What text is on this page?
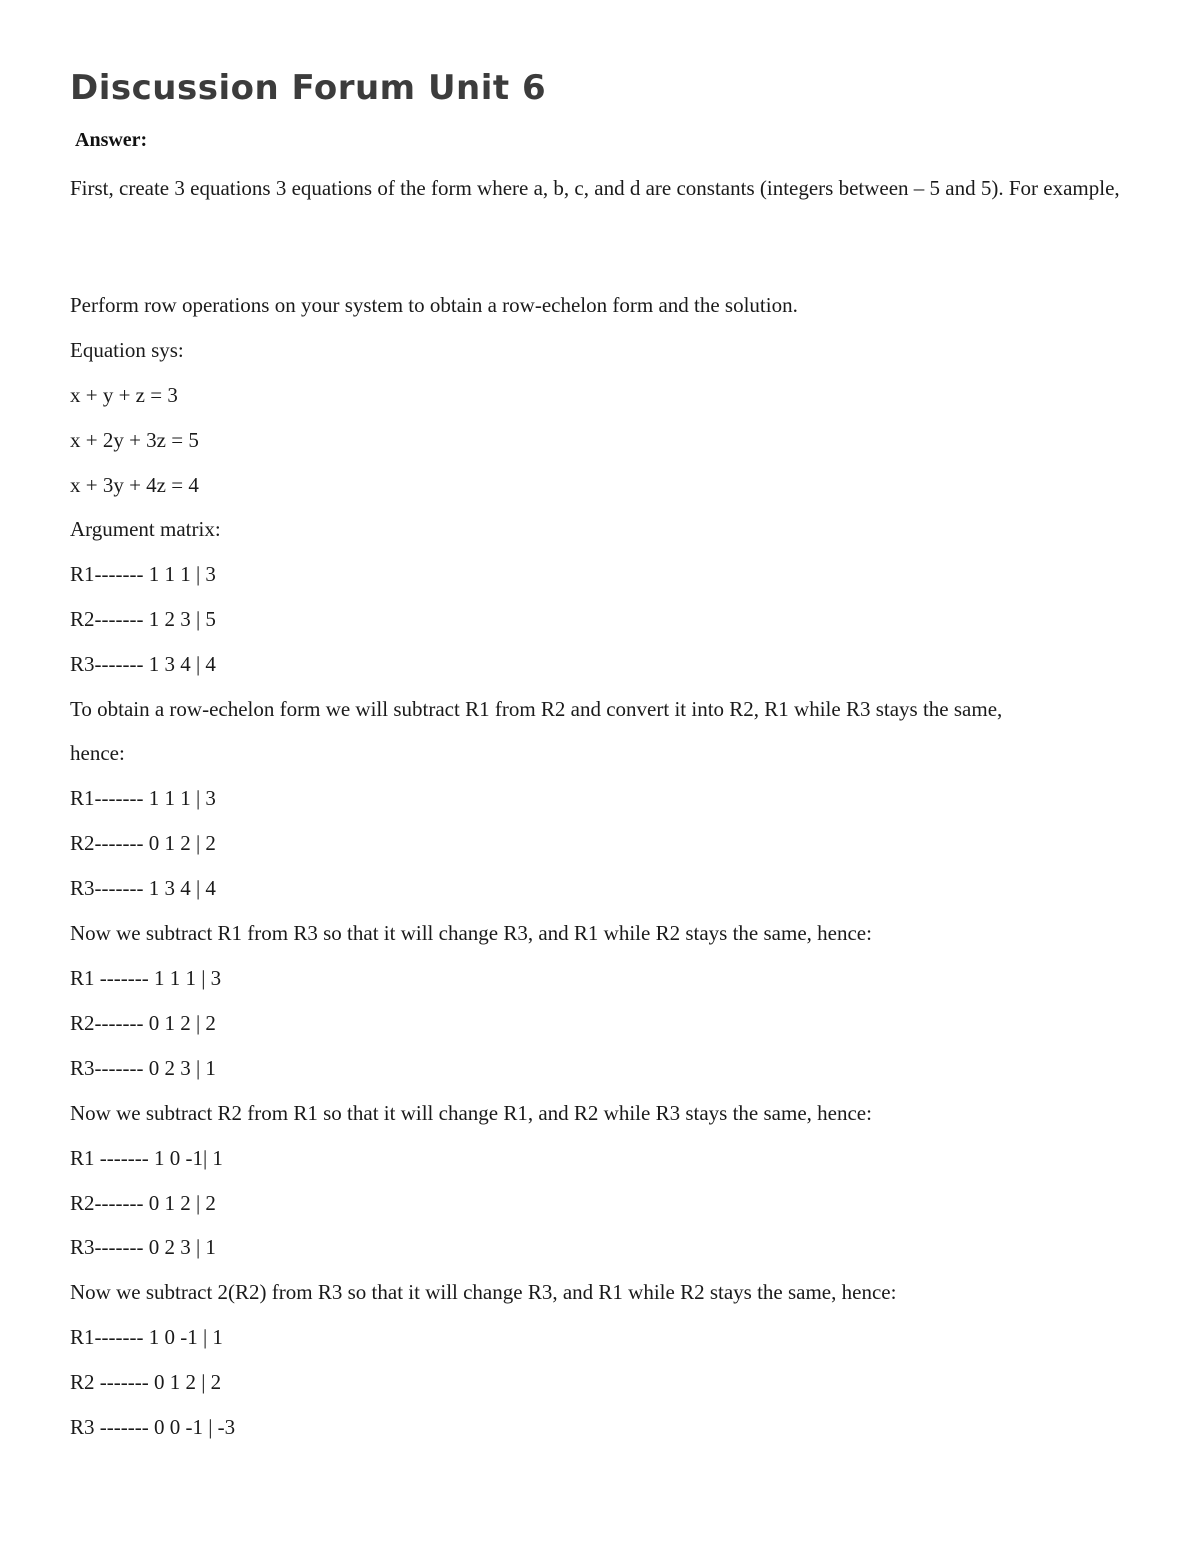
Discussion Forum Unit 6
Answer:
First, create 3 equations 3 equations of the form where a, b, c, and d are constants (integers between – 5 and 5). For example,
Perform row operations on your system to obtain a row-echelon form and the solution.
Equation sys:
x + y + z = 3
x + 2y + 3z = 5
x + 3y + 4z = 4
Argument matrix:
R1------- 1 1 1 | 3
R2------- 1 2 3 | 5
R3------- 1 3 4 | 4
To obtain a row-echelon form we will subtract R1 from R2 and convert it into R2, R1 while R3 stays the same,
hence:
R1------- 1 1 1 | 3
R2------- 0 1 2 | 2
R3------- 1 3 4 | 4
Now we subtract R1 from R3 so that it will change R3, and R1 while R2 stays the same, hence:
R1 ------- 1 1 1 | 3
R2------- 0 1 2 | 2
R3------- 0 2 3 | 1
Now we subtract R2 from R1 so that it will change R1, and R2 while R3 stays the same, hence:
R1 ------- 1 0 -1| 1
R2------- 0 1 2 | 2
R3------- 0 2 3 | 1
Now we subtract 2(R2) from R3 so that it will change R3, and R1 while R2 stays the same, hence:
R1------- 1 0 -1 | 1
R2 ------- 0 1 2 | 2
R3 ------- 0 0 -1 | -3
